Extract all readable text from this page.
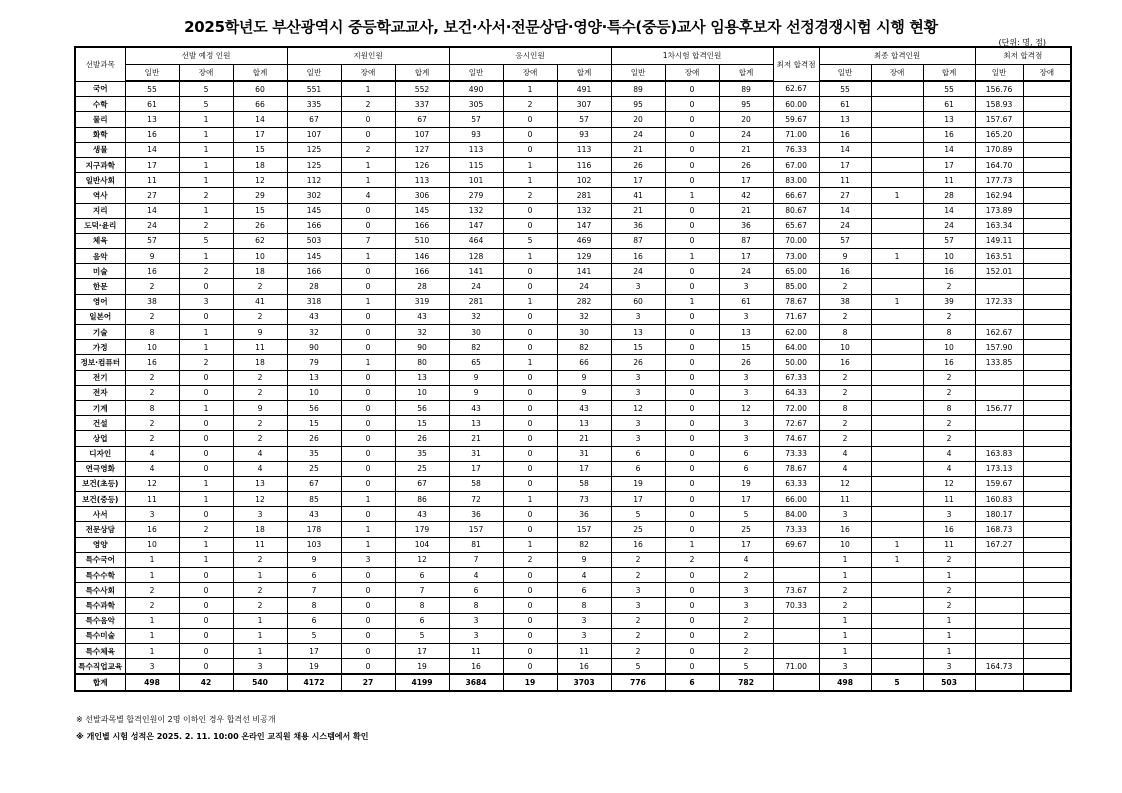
2025학년도 부산광역시 중등학교교사, 보건·사서·전문상담·영양·특수(중등)교사 임용후보자 선정경쟁시험 시행 현황
(단위: 명, 점)
선발과목	선발 예정 인원			지원인원			응시인원			1차시험 합격인원			최저 합격점	최종 합격인원			최저 합격점	
	일반	장애	합계	일반	장애	합계	일반	장애	합계	일반	장애	합계		일반	장애	합계	일반	장애
국어	55	5	60	551	1	552	490	1	491	89	0	89	62.67	55		55	156.76	
수학	61	5	66	335	2	337	305	2	307	95	0	95	60.00	61		61	158.93	
물리	13	1	14	67	0	67	57	0	57	20	0	20	59.67	13		13	157.67	
화학	16	1	17	107	0	107	93	0	93	24	0	24	71.00	16		16	165.20	
생물	14	1	15	125	2	127	113	0	113	21	0	21	76.33	14		14	170.89	
지구과학	17	1	18	125	1	126	115	1	116	26	0	26	67.00	17		17	164.70	
일반사회	11	1	12	112	1	113	101	1	102	17	0	17	83.00	11		11	177.73	
역사	27	2	29	302	4	306	279	2	281	41	1	42	66.67	27	1	28	162.94	
지리	14	1	15	145	0	145	132	0	132	21	0	21	80.67	14		14	173.89	
도덕·윤리	24	2	26	166	0	166	147	0	147	36	0	36	65.67	24		24	163.34	
체육	57	5	62	503	7	510	464	5	469	87	0	87	70.00	57		57	149.11	
음악	9	1	10	145	1	146	128	1	129	16	1	17	73.00	9	1	10	163.51	
미술	16	2	18	166	0	166	141	0	141	24	0	24	65.00	16		16	152.01	
한문	2	0	2	28	0	28	24	0	24	3	0	3	85.00	2		2		
영어	38	3	41	318	1	319	281	1	282	60	1	61	78.67	38	1	39	172.33	
일본어	2	0	2	43	0	43	32	0	32	3	0	3	71.67	2		2		
기술	8	1	9	32	0	32	30	0	30	13	0	13	62.00	8		8	162.67	
가정	10	1	11	90	0	90	82	0	82	15	0	15	64.00	10		10	157.90	
정보·컴퓨터	16	2	18	79	1	80	65	1	66	26	0	26	50.00	16		16	133.85	
전기	2	0	2	13	0	13	9	0	9	3	0	3	67.33	2		2		
전자	2	0	2	10	0	10	9	0	9	3	0	3	64.33	2		2		
기계	8	1	9	56	0	56	43	0	43	12	0	12	72.00	8		8	156.77	
건설	2	0	2	15	0	15	13	0	13	3	0	3	72.67	2		2		
상업	2	0	2	26	0	26	21	0	21	3	0	3	74.67	2		2		
디자인	4	0	4	35	0	35	31	0	31	6	0	6	73.33	4		4	163.83	
연극영화	4	0	4	25	0	25	17	0	17	6	0	6	78.67	4		4	173.13	
보건(초등)	12	1	13	67	0	67	58	0	58	19	0	19	63.33	12		12	159.67	
보건(중등)	11	1	12	85	1	86	72	1	73	17	0	17	66.00	11		11	160.83	
사서	3	0	3	43	0	43	36	0	36	5	0	5	84.00	3		3	180.17	
전문상담	16	2	18	178	1	179	157	0	157	25	0	25	73.33	16		16	168.73	
영양	10	1	11	103	1	104	81	1	82	16	1	17	69.67	10	1	11	167.27	
특수국어	1	1	2	9	3	12	7	2	9	2	2	4		1	1	2		
특수수학	1	0	1	6	0	6	4	0	4	2	0	2		1		1		
특수사회	2	0	2	7	0	7	6	0	6	3	0	3	73.67	2		2		
특수과학	2	0	2	8	0	8	8	0	8	3	0	3	70.33	2		2		
특수음악	1	0	1	6	0	6	3	0	3	2	0	2		1		1		
특수미술	1	0	1	5	0	5	3	0	3	2	0	2		1		1		
특수체육	1	0	1	17	0	17	11	0	11	2	0	2		1		1		
특수직업교육	3	0	3	19	0	19	16	0	16	5	0	5	71.00	3		3	164.73	
합계	498	42	540	4172	27	4199	3684	19	3703	776	6	782		498	5	503		
※ 선발과목별 합격인원이 2명 이하인 경우 합격선 비공개
※ 개인별 시험 성적은 2025. 2. 11. 10:00 온라인 교직원 채용 시스템에서 확인
